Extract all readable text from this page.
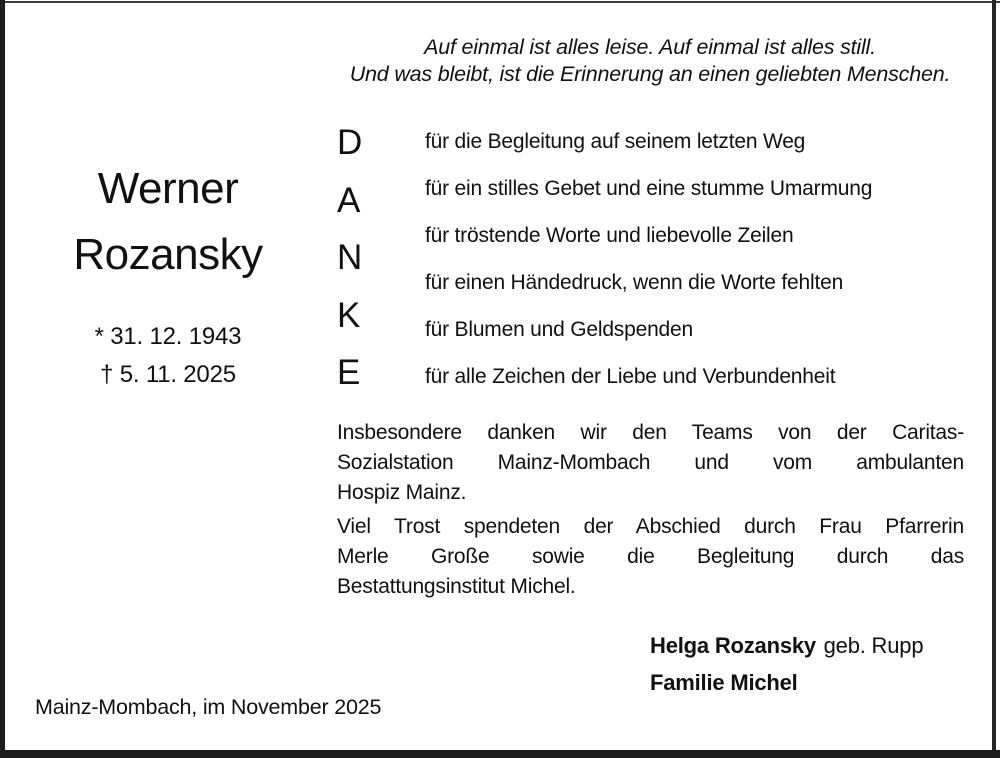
Auf einmal ist alles leise. Auf einmal ist alles still.
Und was bleibt, ist die Erinnerung an einen geliebten Menschen.
Werner
Rozansky
* 31. 12. 1943
† 5. 11. 2025
D
A
N
K
E
für die Begleitung auf seinem letzten Weg
für ein stilles Gebet und eine stumme Umarmung
für tröstende Worte und liebevolle Zeilen
für einen Händedruck, wenn die Worte fehlten
für Blumen und Geldspenden
für alle Zeichen der Liebe und Verbundenheit
Insbesondere danken wir den Teams von der Caritas-
Sozialstation Mainz-Mombach und vom ambulanten
Hospiz Mainz.
Viel Trost spendeten der Abschied durch Frau Pfarrerin
Merle Große sowie die Begleitung durch das
Bestattungsinstitut Michel.
Helga Rozansky geb. Rupp
Familie Michel
Mainz-Mombach, im November 2025
